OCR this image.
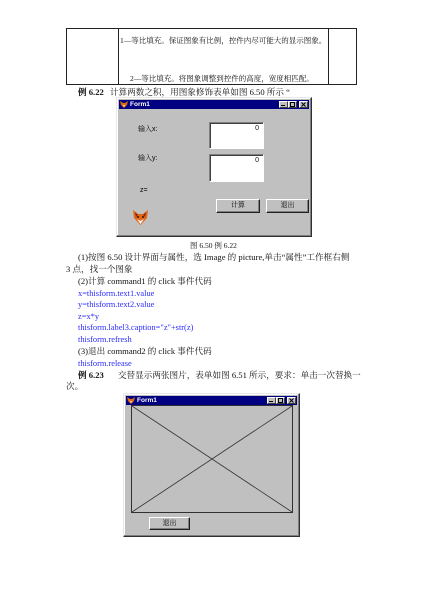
1—等比填充。保证图象有比例，控件内尽可能大的显示图象。
2—等比填充。将图象调整到控件的高度，宽度相匹配。
例 6.22 计算两数之积，用图象修饰表单如图 6.50 所示 “
Form1
输入x:	0
输入y:	0
z=
计算	退出
图 6.50 例 6.22
(1)按图 6.50 设计界面与属性，选 Image 的 picture,单击“属性”工作框右侧
3 点，找一个图象
(2)计算 command1 的 click 事件代码
x=thisform.text1.value
y=thisform.text2.value
z=x*y
thisform.label3.caption="z"+str(z)
thisform.refresh
(3)退出 command2 的 click 事件代码
thisform.release
例 6.23 交替显示两张图片，表单如图 6.51 所示，要求：单击一次替换一
次。
Form1
退出
